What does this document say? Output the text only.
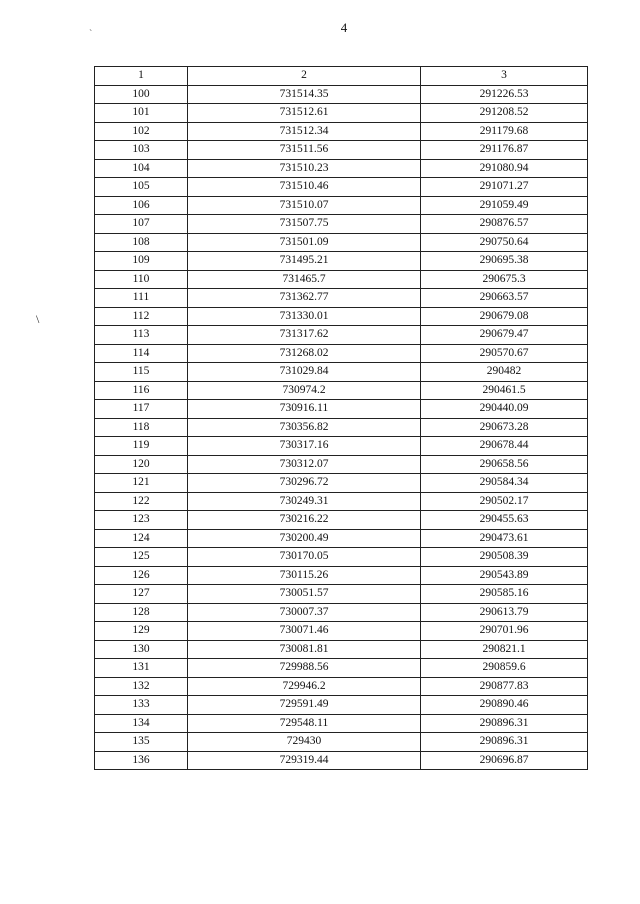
4
`
\
1	2	3
100	731514.35	291226.53
101	731512.61	291208.52
102	731512.34	291179.68
103	731511.56	291176.87
104	731510.23	291080.94
105	731510.46	291071.27
106	731510.07	291059.49
107	731507.75	290876.57
108	731501.09	290750.64
109	731495.21	290695.38
110	731465.7	290675.3
111	731362.77	290663.57
112	731330.01	290679.08
113	731317.62	290679.47
114	731268.02	290570.67
115	731029.84	290482
116	730974.2	290461.5
117	730916.11	290440.09
118	730356.82	290673.28
119	730317.16	290678.44
120	730312.07	290658.56
121	730296.72	290584.34
122	730249.31	290502.17
123	730216.22	290455.63
124	730200.49	290473.61
125	730170.05	290508.39
126	730115.26	290543.89
127	730051.57	290585.16
128	730007.37	290613.79
129	730071.46	290701.96
130	730081.81	290821.1
131	729988.56	290859.6
132	729946.2	290877.83
133	729591.49	290890.46
134	729548.11	290896.31
135	729430	290896.31
136	729319.44	290696.87
